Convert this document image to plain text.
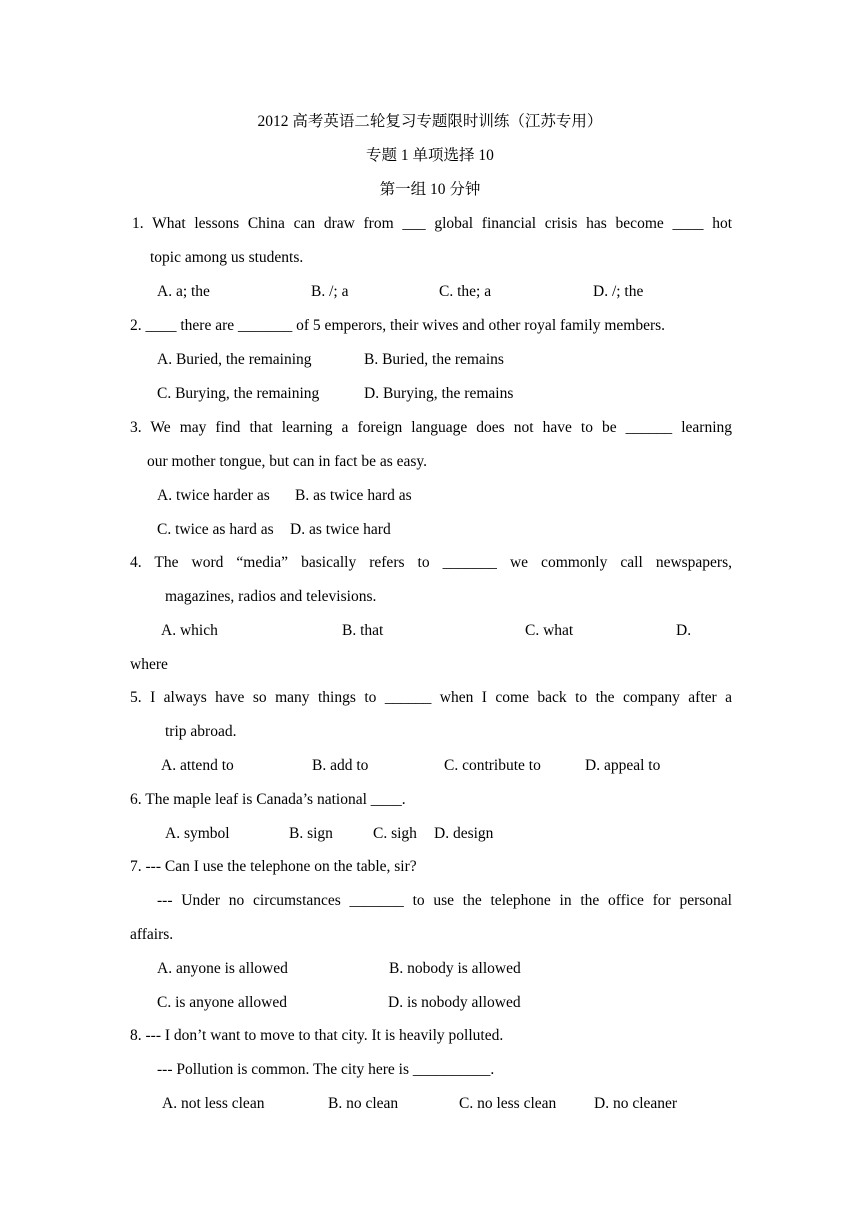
2012 高考英语二轮复习专题限时训练（江苏专用）
专题 1 单项选择 10
第一组 10 分钟
1. What lessons China can draw from ___ global financial crisis has become ____ hot
topic among us students.
A. a; the	B. /; a	C. the; a	D. /; the
2. ____ there are _______ of 5 emperors, their wives and other royal family members.
A. Buried, the remaining	B. Buried, the remains
C. Burying, the remaining	D. Burying, the remains
3. We may find that learning a foreign language does not have to be ______ learning
our mother tongue, but can in fact be as easy.
A. twice harder as B. as twice hard as
C. twice as hard as D. as twice hard
4. The word “media” basically refers to _______ we commonly call newspapers,
magazines, radios and televisions.
A. which	B. that	C. what	D.
where
5. I always have so many things to ______ when I come back to the company after a
trip abroad.
A. attend to	B. add to	C. contribute to	D. appeal to
6. The maple leaf is Canada’s national ____.
A. symbol	B. sign	C. sigh D. design
7. --- Can I use the telephone on the table, sir?
--- Under no circumstances _______ to use the telephone in the office for personal
affairs.
A. anyone is allowed	B. nobody is allowed
C. is anyone allowed	D. is nobody allowed
8. --- I don’t want to move to that city. It is heavily polluted.
--- Pollution is common. The city here is __________.
A. not less clean	B. no clean	C. no less clean D. no cleaner
